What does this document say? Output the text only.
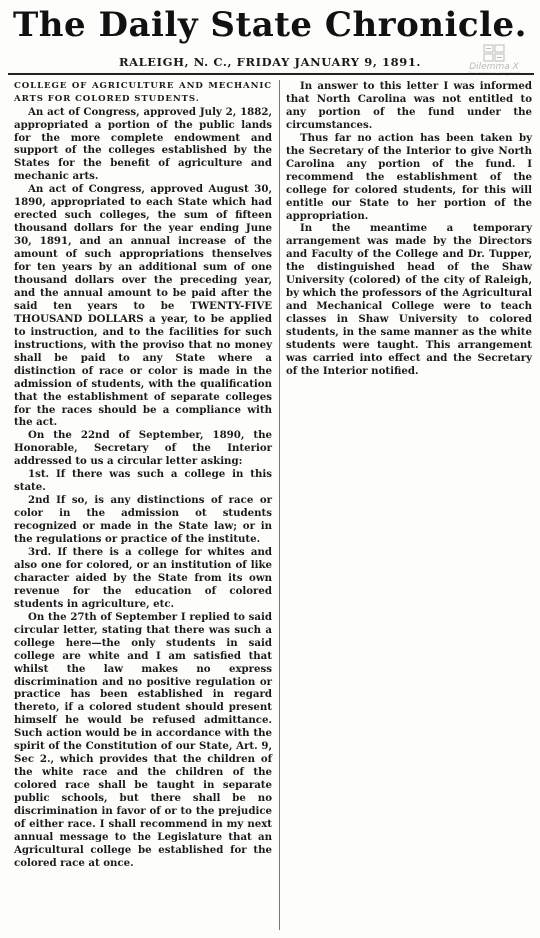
The Daily State Chronicle.
RALEIGH, N. C., FRIDAY JANUARY 9, 1891.	Dilemma X

COLLEGE OF AGRICULTURE AND MECHANIC ARTS FOR COLORED STUDENTS.

An act of Congress, approved July 2, 1882, appropriated a portion of the public lands for the more complete endowment and support of the colleges established by the States for the benefit of agriculture and mechanic arts.

An act of Congress, approved August 30, 1890, appropriated to each State which had erected such colleges, the sum of fifteen thousand dollars for the year ending June 30, 1891, and an annual increase of the amount of such appropriations thenselves for ten years by an additional sum of one thousand dollars over the preceding year, and the annual amount to be paid after the said ten years to be TWENTY-FIVE THOUSAND DOLLARS a year, to be applied to instruction, and to the facilities for such instructions, with the proviso that no money shall be paid to any State where a distinction of race or color is made in the admission of students, with the qualification that the establishment of separate colleges for the races should be a compliance with the act.

On the 22nd of September, 1890, the Honorable, Secretary of the Interior addressed to us a circular letter asking:

1st. If there was such a college in this state.

2nd If so, is any distinctions of race or color in the admission ot students recognized or made in the State law; or in the regulations or practice of the institute.

3rd. If there is a college for whites and also one for colored, or an institution of like character aided by the State from its own revenue for the education of colored students in agriculture, etc.

On the 27th of September I replied to said circular letter, stating that there was such a college here—the only students in said college are white and I am satisfied that whilst the law makes no express discrimination and no positive regulation or practice has been established in regard thereto, if a colored student should present himself he would be refused admittance. Such action would be in accordance with the spirit of the Constitution of our State, Art. 9, Sec 2., which provides that the children of the white race and the children of the colored race shall be taught in separate public schools, but there shall be no discrimination in favor of or to the prejudice of either race. I shall recommend in my next annual message to the Legislature that an Agricultural college be established for the colored race at once.

In answer to this letter I was informed that North Carolina was not entitled to any portion of the fund under the circumstances.

Thus far no action has been taken by the Secretary of the Interior to give North Carolina any portion of the fund. I recommend the establishment of the college for colored students, for this will entitle our State to her portion of the appropriation.

In the meantime a temporary arrangement was made by the Directors and Faculty of the College and Dr. Tupper, the distinguished head of the Shaw University (colored) of the city of Raleigh, by which the professors of the Agricultural and Mechanical College were to teach classes in Shaw University to colored students, in the same manner as the white students were taught. This arrangement was carried into effect and the Secretary of the Interior notified.
